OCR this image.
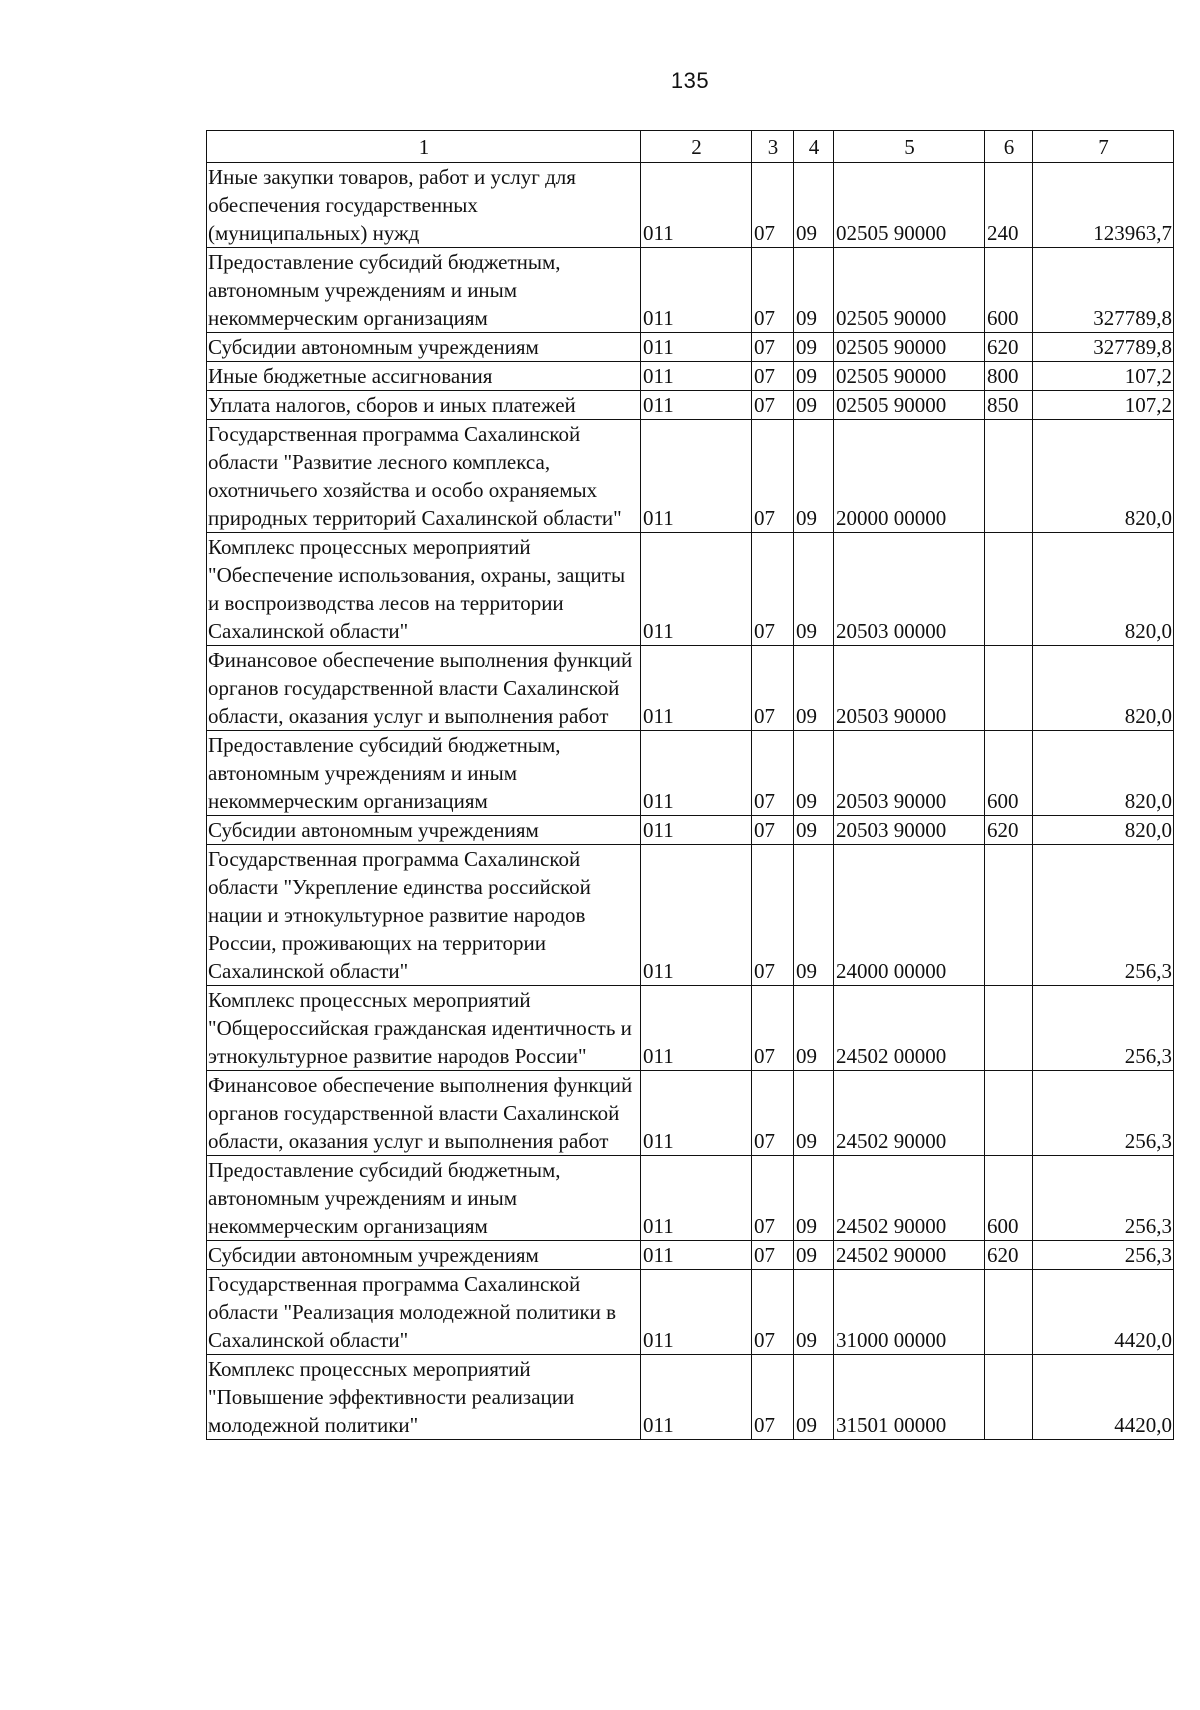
135
1	2	3	4	5	6	7
Иные закупки товаров, работ и услуг для обеспечения государственных (муниципальных) нужд	011	07	09	02505 90000	240	123963,7
Предоставление субсидий бюджетным, автономным учреждениям и иным некоммерческим организациям	011	07	09	02505 90000	600	327789,8
Субсидии автономным учреждениям	011	07	09	02505 90000	620	327789,8
Иные бюджетные ассигнования	011	07	09	02505 90000	800	107,2
Уплата налогов, сборов и иных платежей	011	07	09	02505 90000	850	107,2
Государственная программа Сахалинской области "Развитие лесного комплекса, охотничьего хозяйства и особо охраняемых природных территорий Сахалинской области"	011	07	09	20000 00000		820,0
Комплекс процессных мероприятий "Обеспечение использования, охраны, защиты и воспроизводства лесов на территории Сахалинской области"	011	07	09	20503 00000		820,0
Финансовое обеспечение выполнения функций органов государственной власти Сахалинской области, оказания услуг и выполнения работ	011	07	09	20503 90000		820,0
Предоставление субсидий бюджетным, автономным учреждениям и иным некоммерческим организациям	011	07	09	20503 90000	600	820,0
Субсидии автономным учреждениям	011	07	09	20503 90000	620	820,0
Государственная программа Сахалинской области "Укрепление единства российской нации и этнокультурное развитие народов России, проживающих на территории Сахалинской области"	011	07	09	24000 00000		256,3
Комплекс процессных мероприятий "Общероссийская гражданская идентичность и этнокультурное развитие народов России"	011	07	09	24502 00000		256,3
Финансовое обеспечение выполнения функций органов государственной власти Сахалинской области, оказания услуг и выполнения работ	011	07	09	24502 90000		256,3
Предоставление субсидий бюджетным, автономным учреждениям и иным некоммерческим организациям	011	07	09	24502 90000	600	256,3
Субсидии автономным учреждениям	011	07	09	24502 90000	620	256,3
Государственная программа Сахалинской области "Реализация молодежной политики в Сахалинской области"	011	07	09	31000 00000		4420,0
Комплекс процессных мероприятий "Повышение эффективности реализации молодежной политики"	011	07	09	31501 00000		4420,0
